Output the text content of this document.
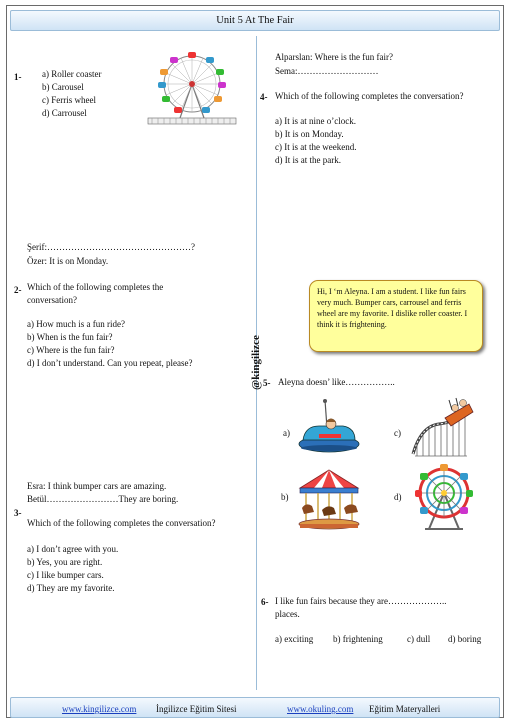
Unit 5 At The Fair
1- a) Roller coaster
b) Carousel
c) Ferris wheel
d) Carrousel
Şerif:…………………………………………?
Özer: It is on Monday.
2- Which of the following completes the
conversation?
a) How much is a fun ride?
b) When is the fun fair?
c) Where is the fun fair?
d) I don’t understand. Can you repeat, please?
Esra: I think bumper cars are amazing.
Betül……………………They are boring.
3-
Which of the following completes the conversation?
a) I don’t agree with you.
b) Yes, you are right.
c) I like bumper cars.
d) They are my favorite.
Alparslan: Where is the fun fair?
Sema:………………………
4- Which of the following completes the conversation?
a) It is at nine o’clock.
b) It is on Monday.
c) It is at the weekend.
d) It is at the park.
Hi, I ‘m Aleyna. I am a student. I like fun fairs very much. Bumper cars, carrousel and ferris wheel are my favorite. I dislike roller coaster. I think it is frightening.
@kingilizce 5- Aleyna doesn’ like……………..
a)
b)
c)
d)
6- I like fun fairs because they are………………..
places.
a) exciting b) frightening	c) dull d) boring
www.kingilizce.com İngilizce Eğitim Sitesi	www.okuling.com Eğitim Materyalleri
